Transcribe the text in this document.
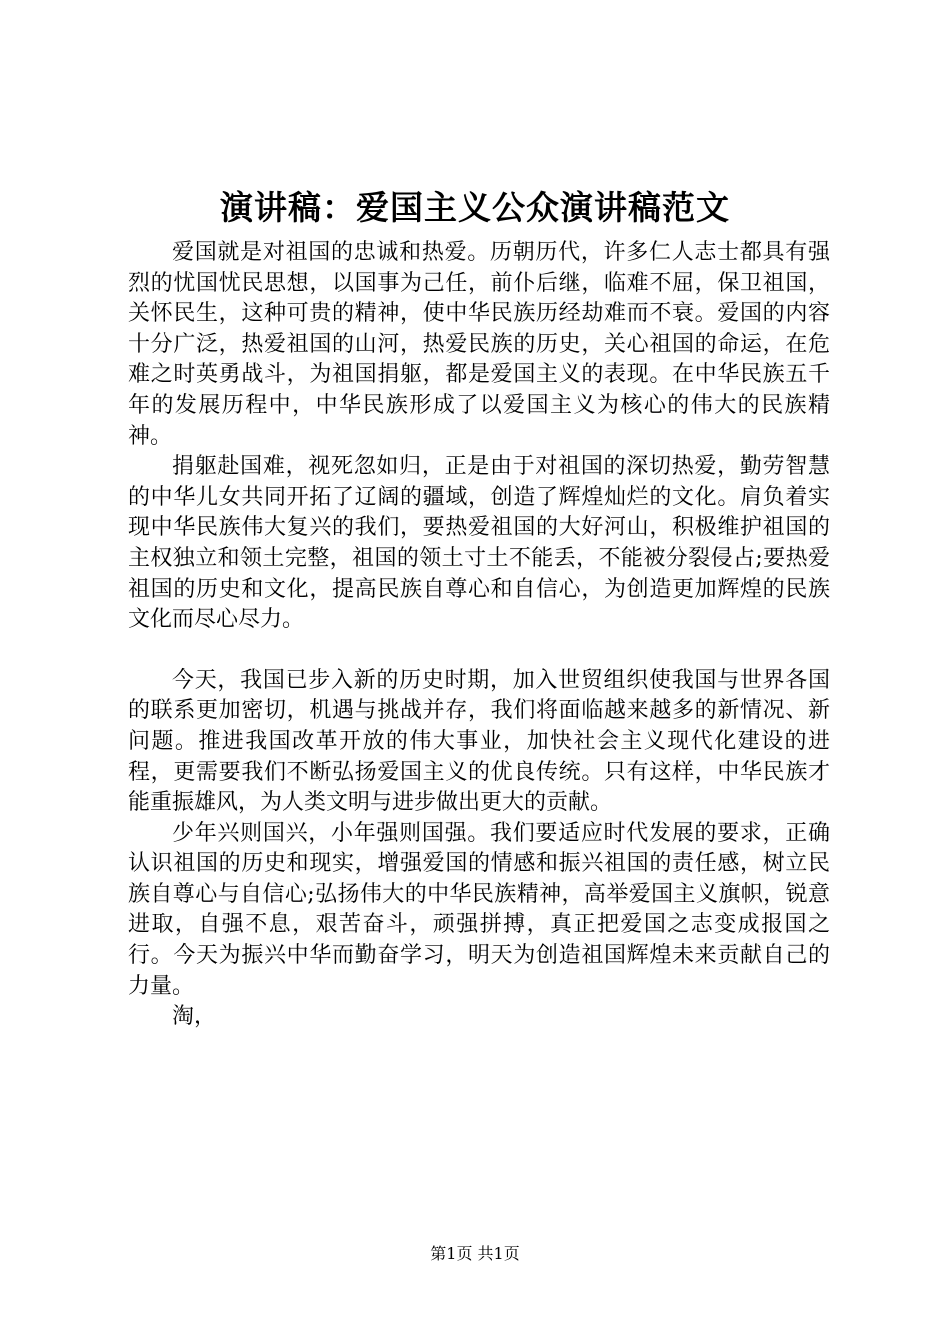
演讲稿：爱国主义公众演讲稿范文

爱国就是对祖国的忠诚和热爱。历朝历代，许多仁人志士都具有强烈的忧国忧民思想，以国事为己任，前仆后继，临难不屈，保卫祖国，关怀民生，这种可贵的精神，使中华民族历经劫难而不衰。爱国的内容十分广泛，热爱祖国的山河，热爱民族的历史，关心祖国的命运，在危难之时英勇战斗，为祖国捐躯，都是爱国主义的表现。在中华民族五千年的发展历程中，中华民族形成了以爱国主义为核心的伟大的民族精神。

捐躯赴国难，视死忽如归，正是由于对祖国的深切热爱，勤劳智慧的中华儿女共同开拓了辽阔的疆域，创造了辉煌灿烂的文化。肩负着实现中华民族伟大复兴的我们，要热爱祖国的大好河山，积极维护祖国的主权独立和领土完整，祖国的领土寸土不能丢，不能被分裂侵占;要热爱祖国的历史和文化，提高民族自尊心和自信心，为创造更加辉煌的民族文化而尽心尽力。

今天，我国已步入新的历史时期，加入世贸组织使我国与世界各国的联系更加密切，机遇与挑战并存，我们将面临越来越多的新情况、新问题。推进我国改革开放的伟大事业，加快社会主义现代化建设的进程，更需要我们不断弘扬爱国主义的优良传统。只有这样，中华民族才能重振雄风，为人类文明与进步做出更大的贡献。

少年兴则国兴，小年强则国强。我们要适应时代发展的要求，正确认识祖国的历史和现实，增强爱国的情感和振兴祖国的责任感，树立民族自尊心与自信心;弘扬伟大的中华民族精神，高举爱国主义旗帜，锐意进取，自强不息，艰苦奋斗，顽强拼搏，真正把爱国之志变成报国之行。今天为振兴中华而勤奋学习，明天为创造祖国辉煌未来贡献自己的力量。

淘，

第1页 共1页
